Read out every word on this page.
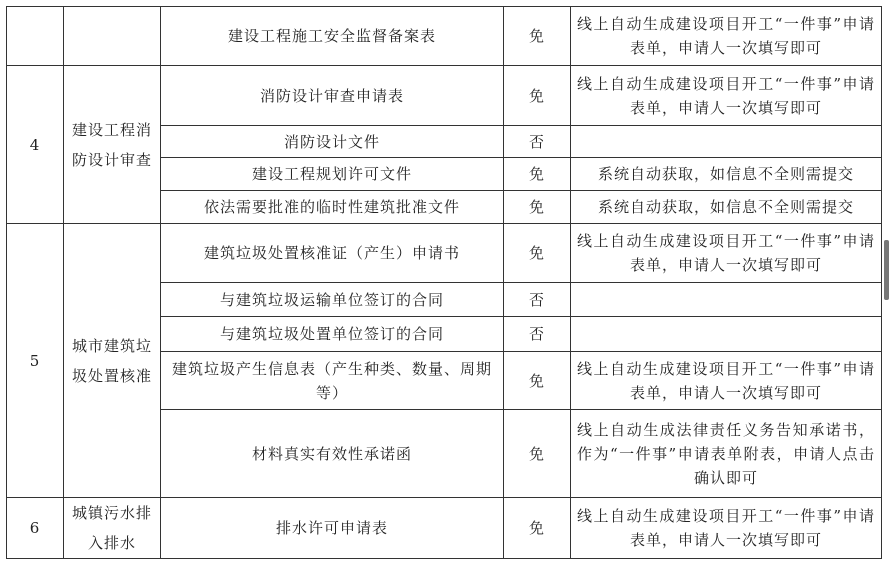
		建设工程施工安全监督备案表	免	线上自动生成建设项目开工“一件事”申请表单，申请人一次填写即可

4	建设工程消防设计审查	消防设计审查申请表	免	线上自动生成建设项目开工“一件事”申请表单，申请人一次填写即可

		消防设计文件	否	

		建设工程规划许可文件	免	系统自动获取，如信息不全则需提交

		依法需要批准的临时性建筑批准文件	免	系统自动获取，如信息不全则需提交

5	城市建筑垃圾处置核准	建筑垃圾处置核准证（产生）申请书	免	线上自动生成建设项目开工“一件事”申请表单，申请人一次填写即可

		与建筑垃圾运输单位签订的合同	否	

		与建筑垃圾处置单位签订的合同	否	

		建筑垃圾产生信息表（产生种类、数量、周期等）	免	线上自动生成建设项目开工“一件事”申请表单，申请人一次填写即可

		材料真实有效性承诺函	免	线上自动生成法律责任义务告知承诺书，作为“一件事”申请表单附表，申请人点击确认即可

6	城镇污水排入排水	排水许可申请表	免	线上自动生成建设项目开工“一件事”申请表单，申请人一次填写即可
